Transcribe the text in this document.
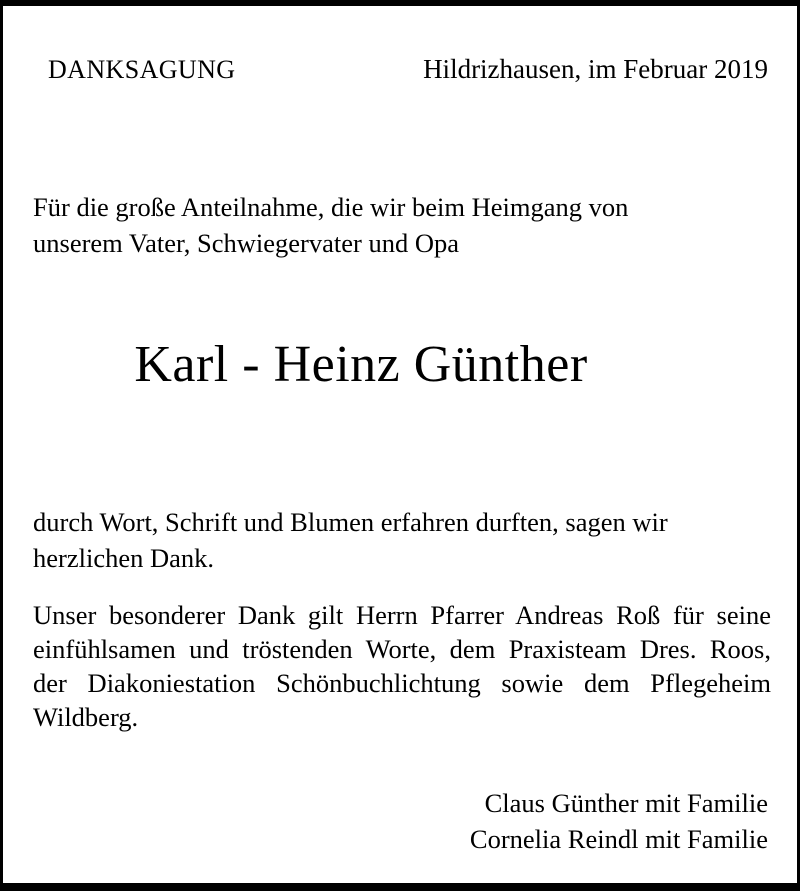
DANKSAGUNG	Hildrizhausen, im Februar 2019
Für die große Anteilnahme, die wir beim Heimgang von
unserem Vater, Schwiegervater und Opa
Karl - Heinz Günther
durch Wort, Schrift und Blumen erfahren durften, sagen wir
herzlichen Dank.
Unser besonderer Dank gilt Herrn Pfarrer Andreas Roß für seine
einfühlsamen und tröstenden Worte, dem Praxisteam Dres. Roos,
der Diakoniestation Schönbuchlichtung sowie dem Pflegeheim
Wildberg.
Claus Günther mit Familie
Cornelia Reindl mit Familie
